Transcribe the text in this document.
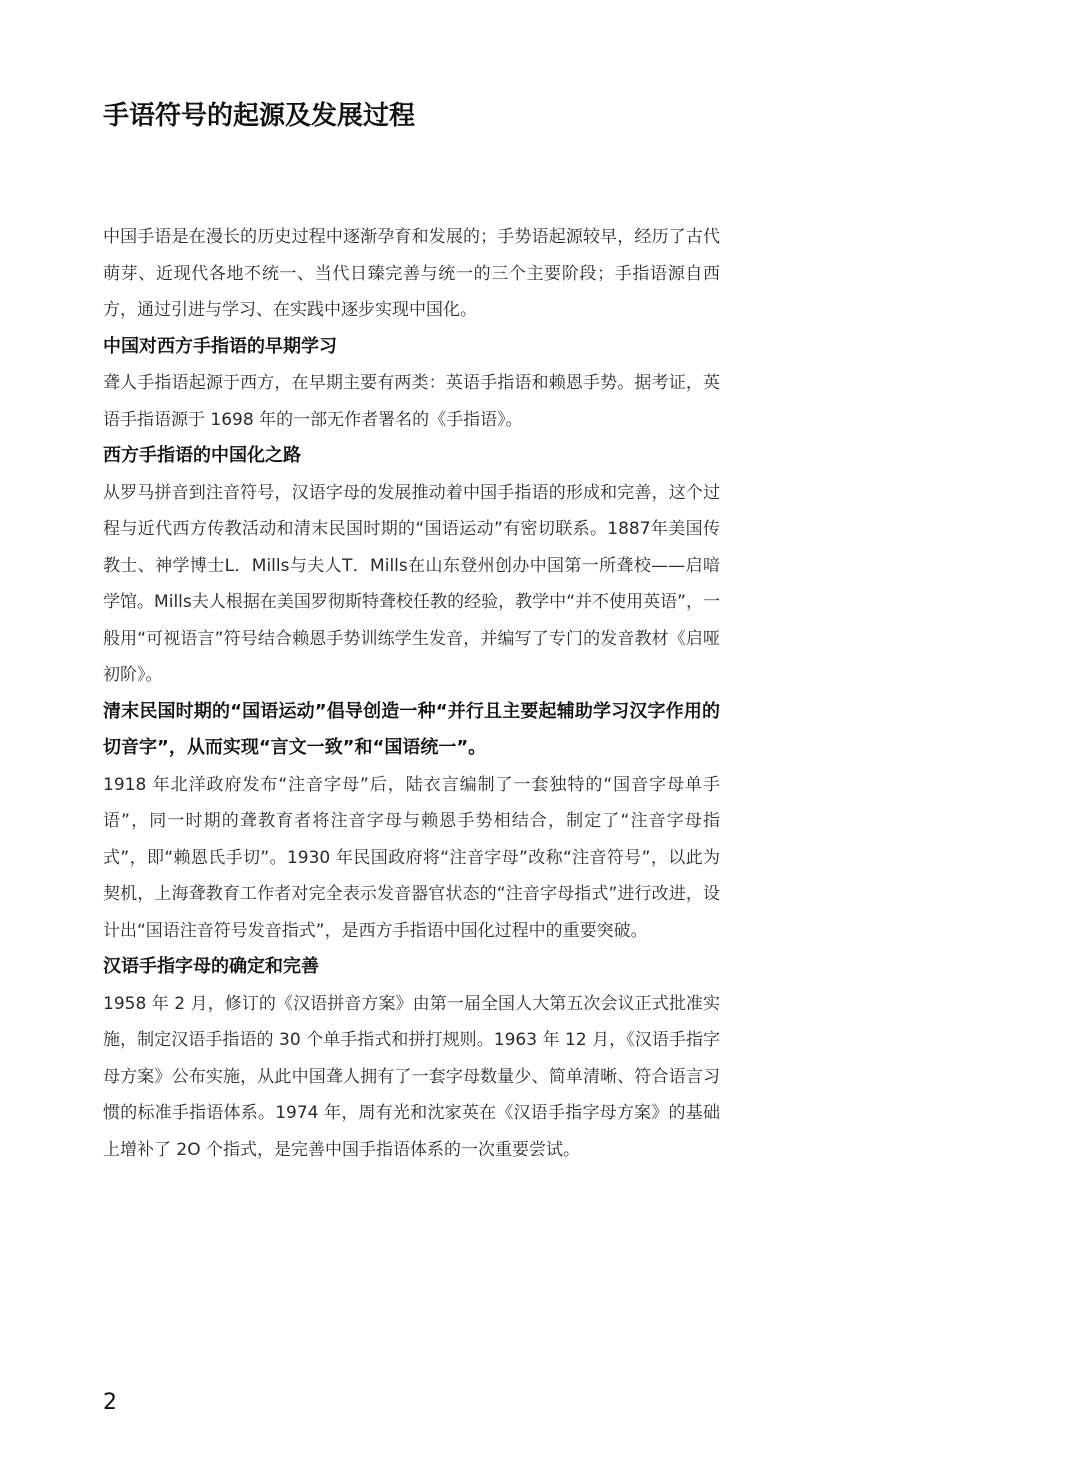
手语符号的起源及发展过程

中国手语是在漫长的历史过程中逐渐孕育和发展的；手势语起源较早，经历了古代萌芽、近现代各地不统一、当代日臻完善与统一的三个主要阶段；手指语源自西方，通过引进与学习、在实践中逐步实现中国化。

中国对西方手指语的早期学习

聋人手指语起源于西方，在早期主要有两类：英语手指语和赖恩手势。据考证，英语手指语源于 1698 年的一部无作者署名的《手指语》。

西方手指语的中国化之路

从罗马拼音到注音符号，汉语字母的发展推动着中国手指语的形成和完善，这个过程与近代西方传教活动和清末民国时期的“国语运动”有密切联系。1887年美国传教士、神学博士L．Mills与夫人T．Mills在山东登州创办中国第一所聋校——启喑学馆。Mills夫人根据在美国罗彻斯特聋校任教的经验，教学中“并不使用英语”，一般用“可视语言”符号结合赖恩手势训练学生发音，并编写了专门的发音教材《启哑初阶》。

清末民国时期的“国语运动”倡导创造一种“并行且主要起辅助学习汉字作用的切音字”，从而实现“言文一致”和“国语统一”。

1918 年北洋政府发布“注音字母”后，陆衣言编制了一套独特的“国音字母单手语”，同一时期的聋教育者将注音字母与赖恩手势相结合，制定了“注音字母指式”，即“赖恩氏手切”。1930 年民国政府将“注音字母”改称“注音符号”，以此为契机，上海聋教育工作者对完全表示发音器官状态的“注音字母指式”进行改进，设计出“国语注音符号发音指式”，是西方手指语中国化过程中的重要突破。

汉语手指字母的确定和完善

1958 年 2 月，修订的《汉语拼音方案》由第一届全国人大第五次会议正式批准实施，制定汉语手指语的 30 个单手指式和拼打规则。1963 年 12 月，《汉语手指字母方案》公布实施，从此中国聋人拥有了一套字母数量少、简单清晰、符合语言习惯的标准手指语体系。1974 年，周有光和沈家英在《汉语手指字母方案》的基础上增补了 2O 个指式，是完善中国手指语体系的一次重要尝试。

2
